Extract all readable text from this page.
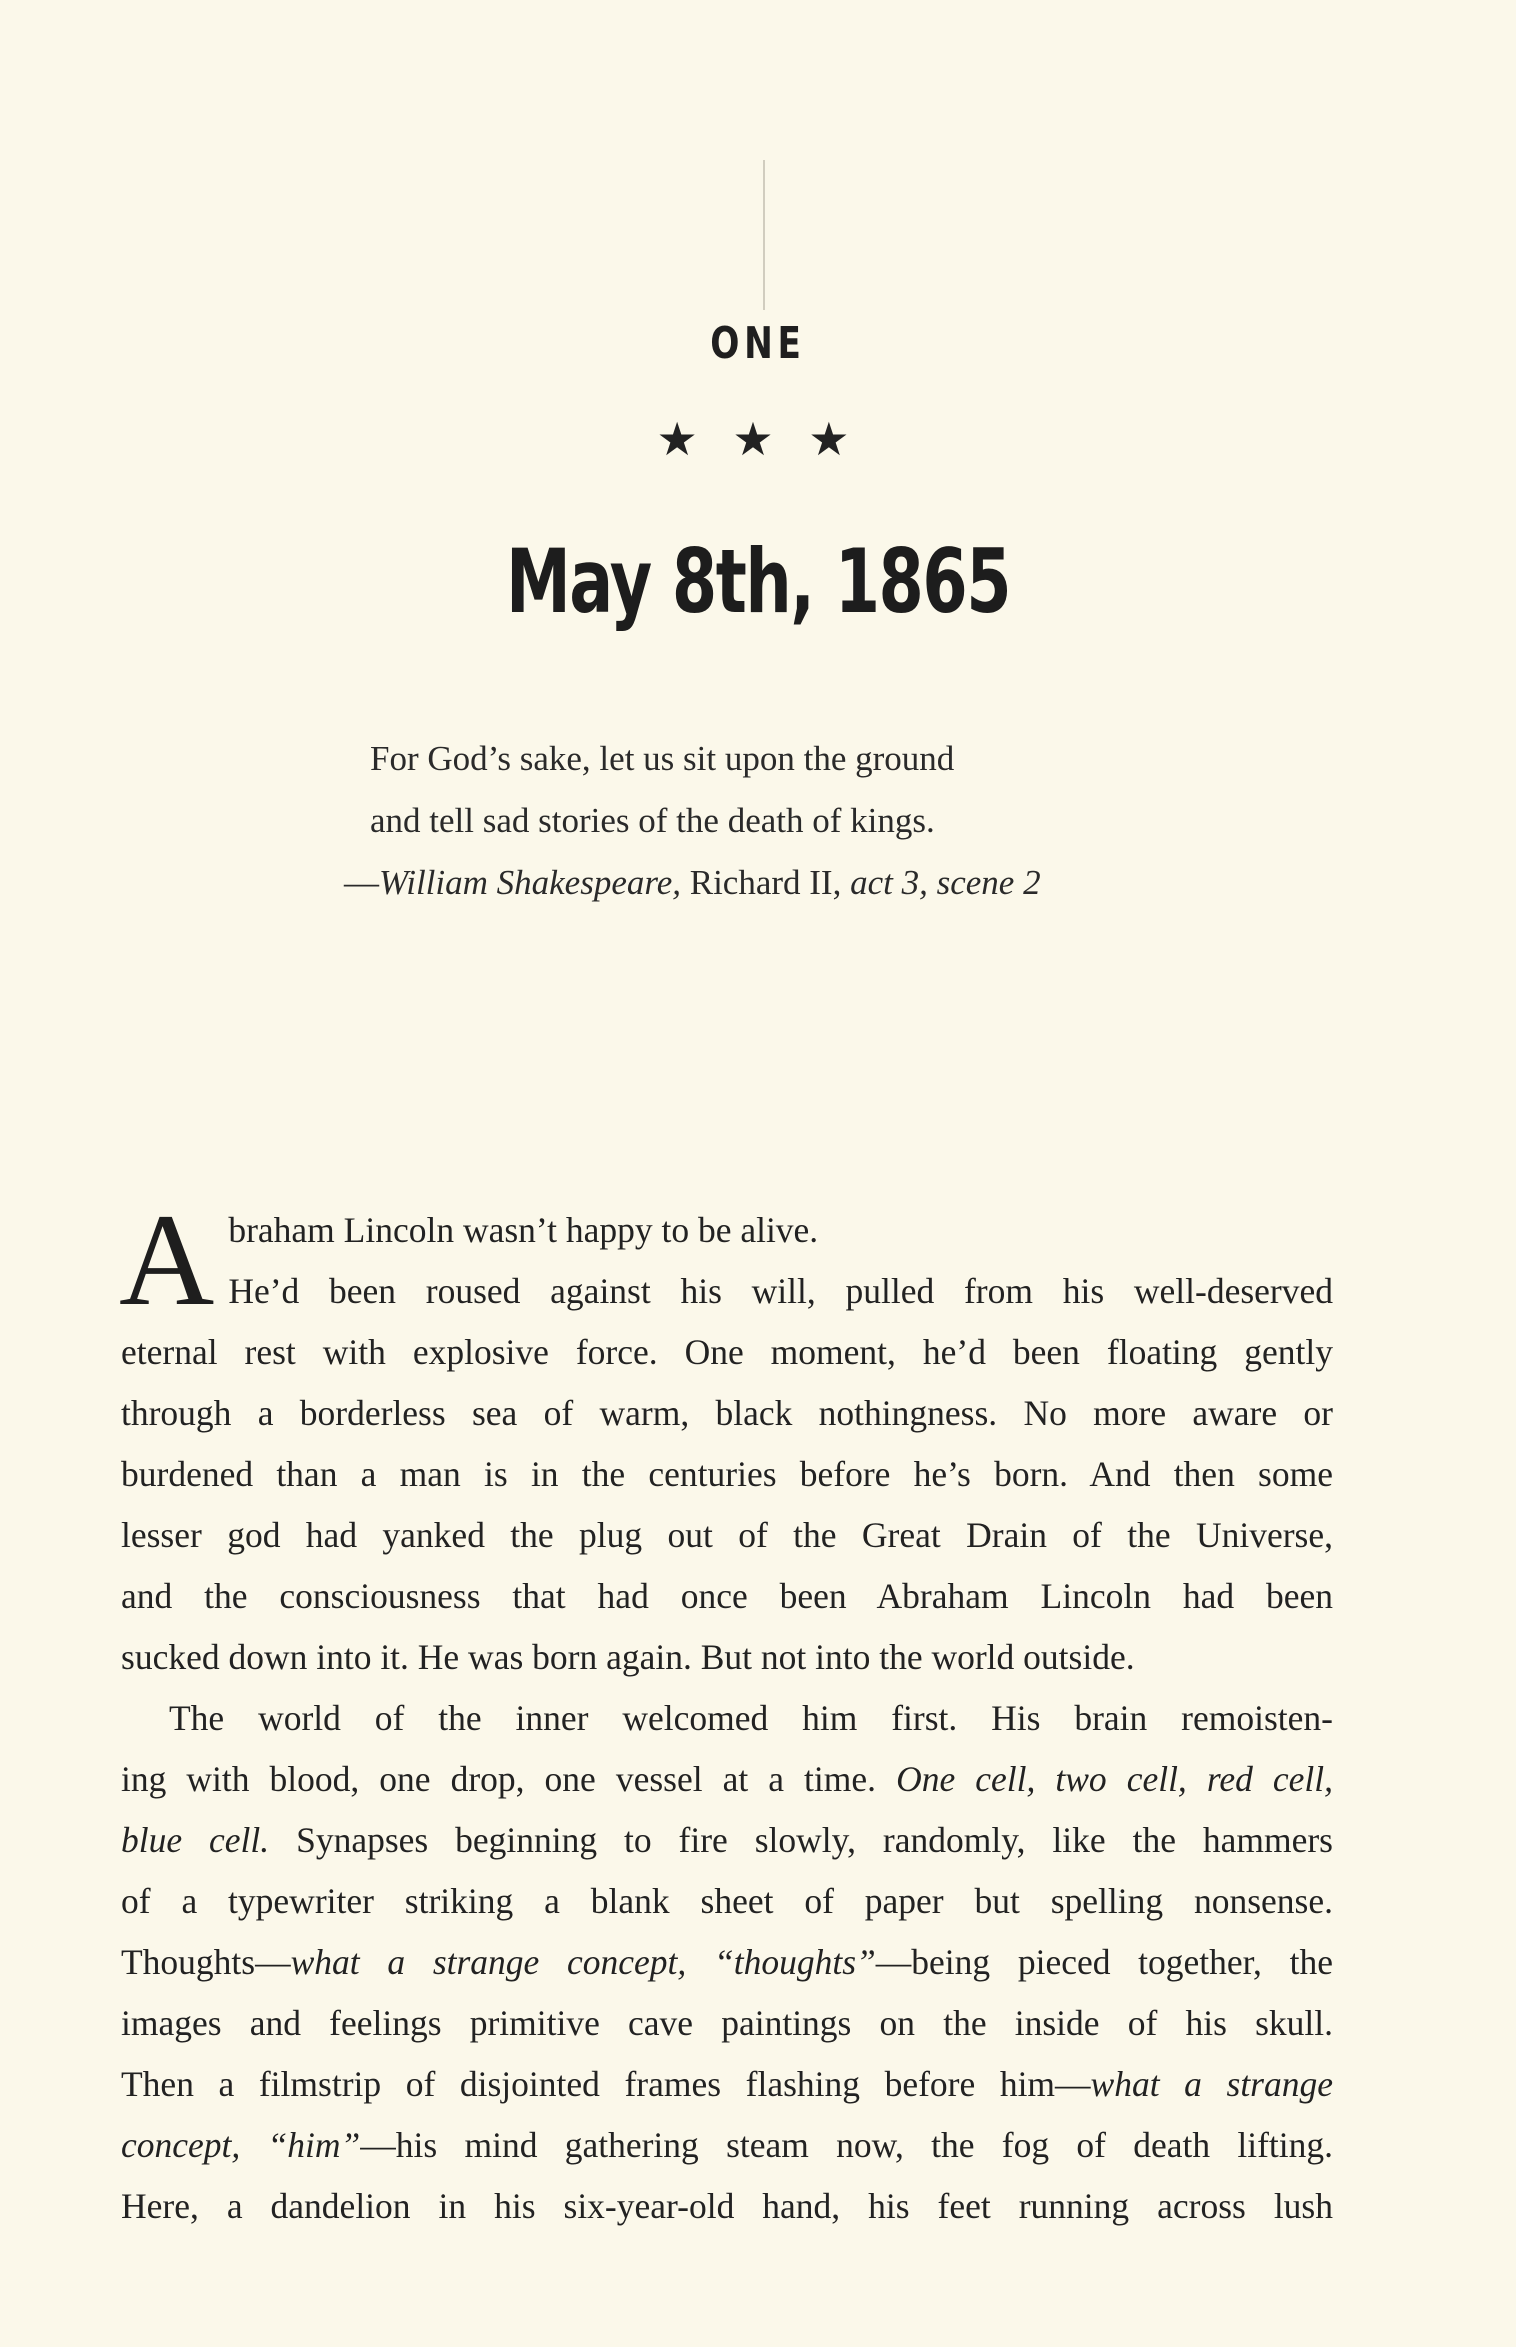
ONE
★ ★ ★
May 8th, 1865
For God’s sake, let us sit upon the ground
and tell sad stories of the death of kings.
—William Shakespeare, Richard II, act 3, scene 2

A braham Lincoln wasn’t happy to be alive.
He’d been roused against his will, pulled from his well-deserved
eternal rest with explosive force. One moment, he’d been floating gently
through a borderless sea of warm, black nothingness. No more aware or
burdened than a man is in the centuries before he’s born. And then some
lesser god had yanked the plug out of the Great Drain of the Universe,
and the consciousness that had once been Abraham Lincoln had been
sucked down into it. He was born again. But not into the world outside.

The world of the inner welcomed him first. His brain remoisten-
ing with blood, one drop, one vessel at a time. One cell, two cell, red cell,
blue cell. Synapses beginning to fire slowly, randomly, like the hammers
of a typewriter striking a blank sheet of paper but spelling nonsense.
Thoughts—what a strange concept, “thoughts”—being pieced together, the
images and feelings primitive cave paintings on the inside of his skull.
Then a filmstrip of disjointed frames flashing before him—what a strange
concept, “him”—his mind gathering steam now, the fog of death lifting.
Here, a dandelion in his six-year-old hand, his feet running across lush
